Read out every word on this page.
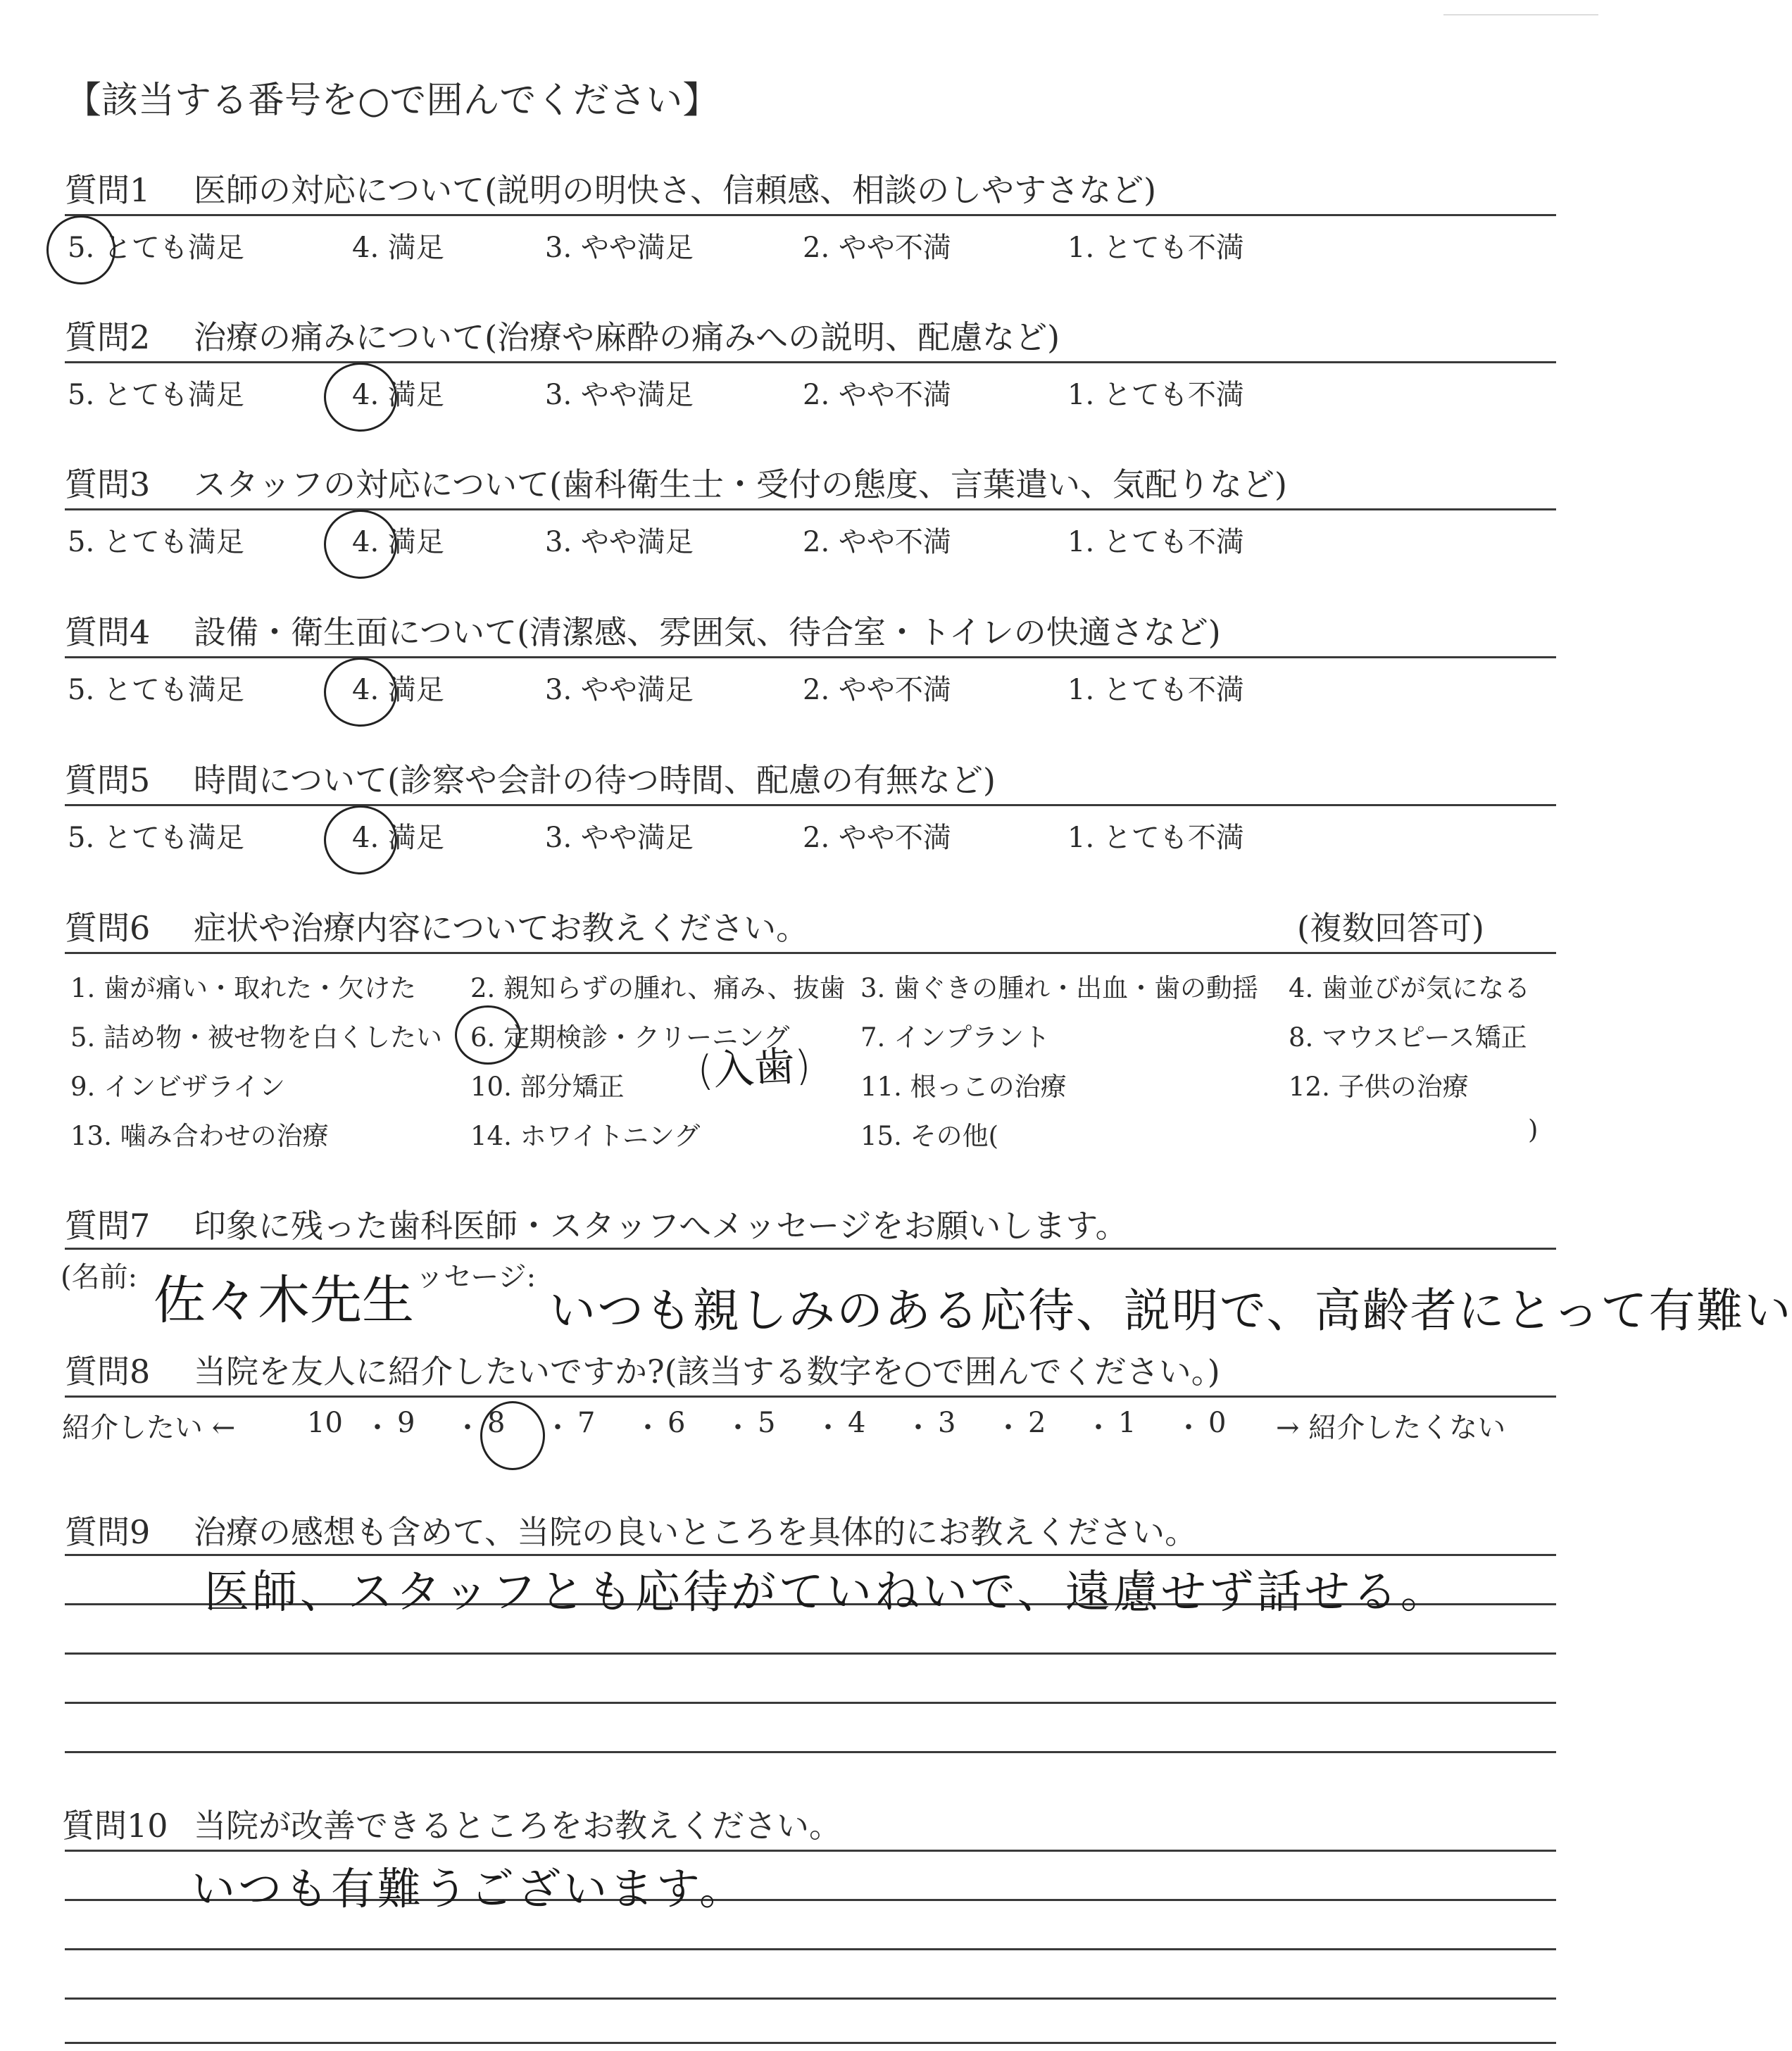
【該当する番号を○で囲んでください】
質問1 医師の対応について(説明の明快さ、信頼感、相談のしやすさなど)
5. とても満足	4. 満足	3. やや満足	2. やや不満	1. とても不満
質問2 治療の痛みについて(治療や麻酔の痛みへの説明、配慮など)
5. とても満足	4. 満足	3. やや満足	2. やや不満	1. とても不満
質問3 スタッフの対応について(歯科衛生士・受付の態度、言葉遣い、気配りなど)
5. とても満足	4. 満足	3. やや満足	2. やや不満	1. とても不満
質問4 設備・衛生面について(清潔感、雰囲気、待合室・トイレの快適さなど)
5. とても満足	4. 満足	3. やや満足	2. やや不満	1. とても不満
質問5 時間について(診察や会計の待つ時間、配慮の有無など)
5. とても満足	4. 満足	3. やや満足	2. やや不満	1. とても不満
質問6 症状や治療内容についてお教えください。	(複数回答可)
1. 歯が痛い・取れた・欠けた 2. 親知らずの腫れ、痛み、抜歯 3. 歯ぐきの腫れ・出血・歯の動揺 4. 歯並びが気になる
5. 詰め物・被せ物を白くしたい 6. 定期検診・クリーニング	7. インプラント	8. マウスピース矯正
9. インビザライン	10. 部分矯正	11. 根っこの治療	12. 子供の治療
13. 噛み合わせの治療	14. ホワイトニング	15. その他(	)
(入歯)
質問7 印象に残った歯科医師・スタッフへメッセージをお願いします。
(名前: 佐々木先生 ッセージ:
いつも親しみのある応待、説明で、高齢者にとって有難い
質問8 当院を友人に紹介したいですか?(該当する数字を○で囲んでください。)
紹介したい ←	10 ・ 9 ・ 8 ・ 7 ・ 6 ・ 5 ・ 4 ・ 3 ・ 2 ・ 1 ・ 0 → 紹介したくない
質問9 治療の感想も含めて、当院の良いところを具体的にお教えください。
医師、スタッフとも応待がていねいで、遠慮せず話せる。
質問10 当院が改善できるところをお教えください。
いつも有難うございます。
